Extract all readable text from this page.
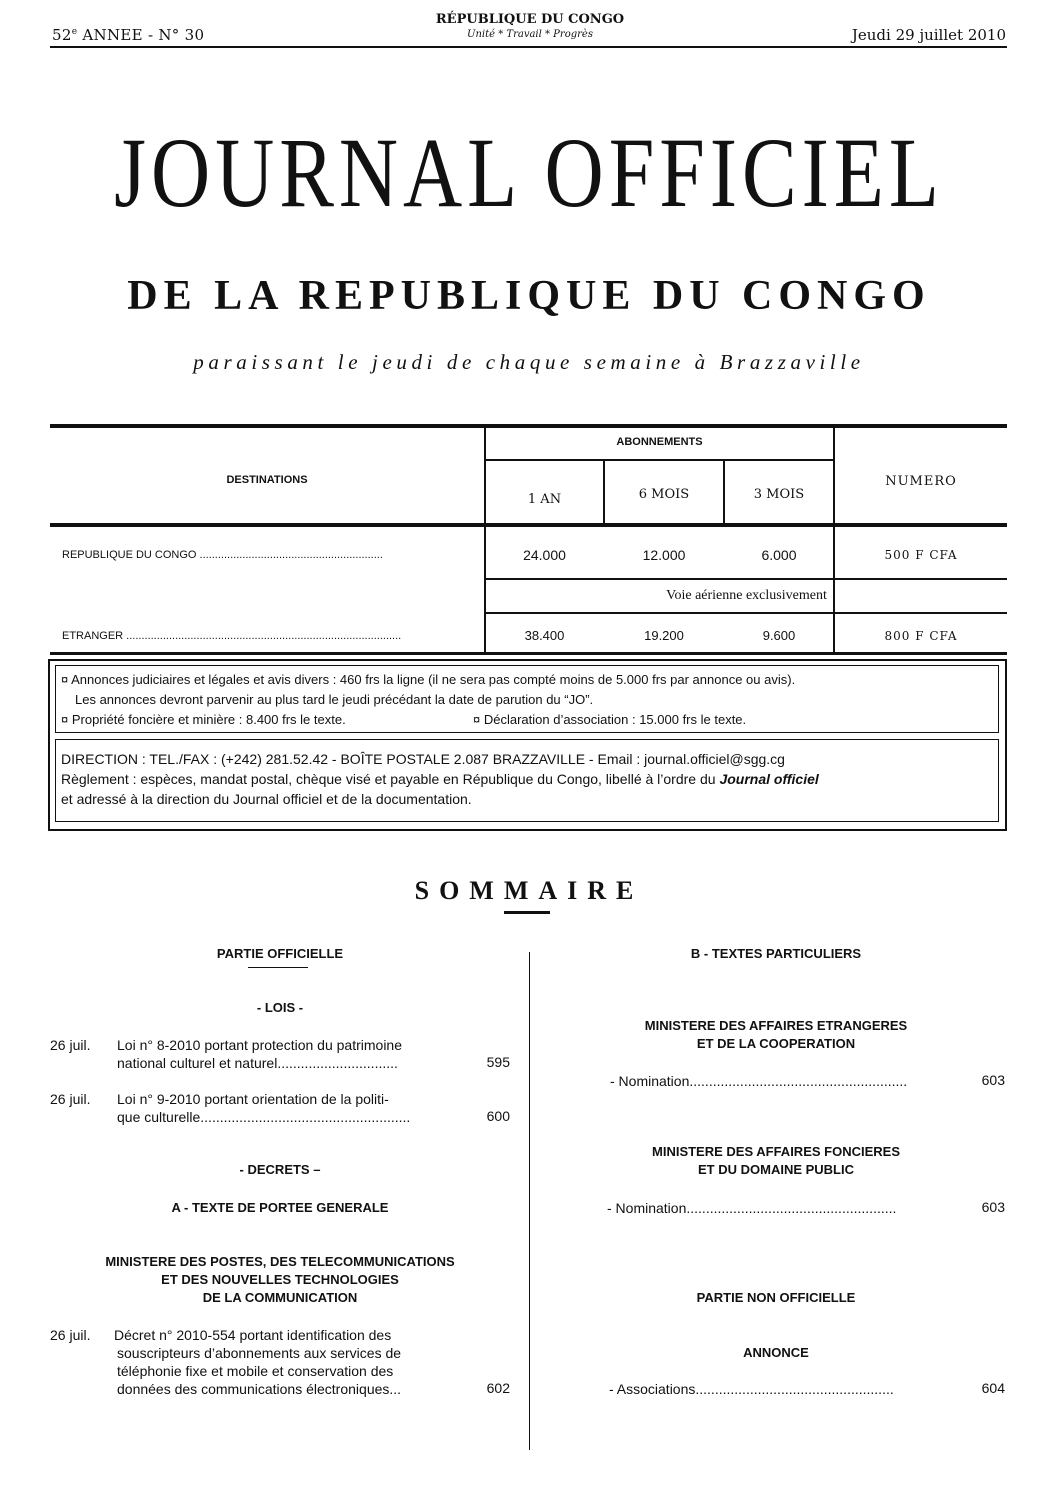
52e ANNEE - N° 30
RÉPUBLIQUE DU CONGO
Unité * Travail * Progrès	Jeudi 29 juillet 2010
JOURNAL OFFICIEL
DE LA REPUBLIQUE DU CONGO
paraissant le jeudi de chaque semaine à Brazzaville
DESTINATIONS
ABONNEMENTS
1 AN	6 MOIS	3 MOIS
NUMERO
REPUBLIQUE DU CONGO ............................................................	24.000	12.000	6.000	500 F CFA
Voie aérienne exclusivement
ETRANGER ..........................................................................................	38.400	19.200	9.600	800 F CFA
¤ Annonces judiciaires et légales et avis divers : 460 frs la ligne (il ne sera pas compté moins de 5.000 frs par annonce ou avis).
Les annonces devront parvenir au plus tard le jeudi précédant la date de parution du “JO”.
¤ Propriété foncière et minière : 8.400 frs le texte.	¤ Déclaration d’association : 15.000 frs le texte.
DIRECTION : TEL./FAX : (+242) 281.52.42 - BOÎTE POSTALE 2.087 BRAZZAVILLE - Email : journal.officiel@sgg.cg
Règlement : espèces, mandat postal, chèque visé et payable en République du Congo, libellé à l’ordre du Journal officiel
et adressé à la direction du Journal officiel et de la documentation.
SOMMAIRE
PARTIE OFFICIELLE
- LOIS -
26 juil. Loi n° 8-2010 portant protection du patrimoine
national culturel et naturel...............................	595
26 juil. Loi n° 9-2010 portant orientation de la politi-
que culturelle......................................................	600
- DECRETS –
A - TEXTE DE PORTEE GENERALE
MINISTERE DES POSTES, DES TELECOMMUNICATIONS
ET DES NOUVELLES TECHNOLOGIES
DE LA COMMUNICATION
26 juil. Décret n° 2010-554 portant identification des
souscripteurs d’abonnements aux services de
téléphonie fixe et mobile et conservation des
données des communications électroniques...	602
B - TEXTES PARTICULIERS
MINISTERE DES AFFAIRES ETRANGERES
ET DE LA COOPERATION
- Nomination........................................................	603
MINISTERE DES AFFAIRES FONCIERES
ET DU DOMAINE PUBLIC
- Nomination......................................................	603
PARTIE NON OFFICIELLE
ANNONCE
- Associations...................................................	604
